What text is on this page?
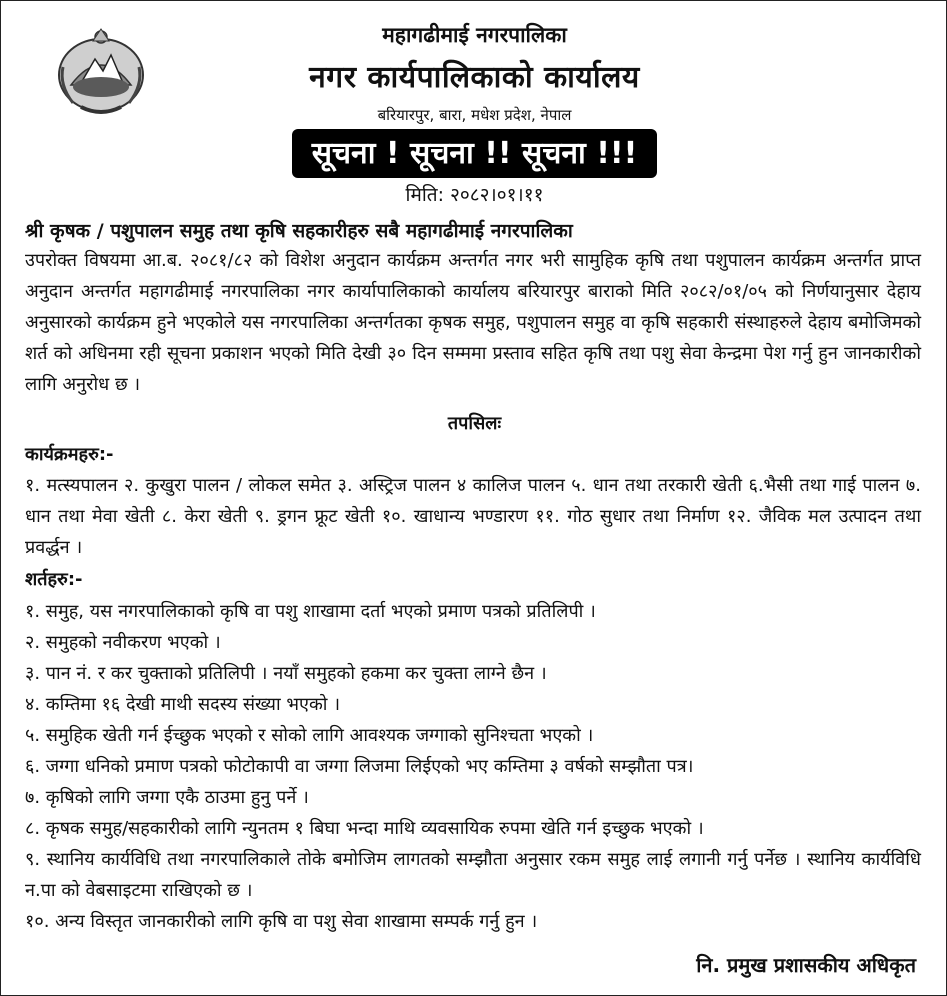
महागढीमाई नगरपालिका
नगर कार्यपालिकाको कार्यालय
बरियारपुर, बारा, मधेश प्रदेश, नेपाल
सूचना ! सूचना !! सूचना !!!
मिति: २०८२।०१।११
श्री कृषक / पशुपालन समुह तथा कृषि सहकारीहरु सबै महागढीमाई नगरपालिका

उपरोक्त विषयमा आ.ब. २०८१/८२ को विशेश अनुदान कार्यक्रम अन्तर्गत नगर भरी सामुहिक कृषि तथा पशुपालन कार्यक्रम अन्तर्गत प्राप्त अनुदान अन्तर्गत महागढीमाई नगरपालिका नगर कार्यापालिकाको कार्यालय बरियारपुर बाराको मिति २०८२/०१/०५ को निर्णयानुसार देहाय अनुसारको कार्यक्रम हुने भएकोले यस नगरपालिका अन्तर्गतका कृषक समुह, पशुपालन समुह वा कृषि सहकारी संस्थाहरुले देहाय बमोजिमको शर्त को अधिनमा रही सूचना प्रकाशन भएको मिति देखी ३० दिन सम्ममा प्रस्ताव सहित कृषि तथा पशु सेवा केन्द्रमा पेश गर्नु हुन जानकारीको लागि अनुरोध छ ।

तपसिलः
कार्यक्रमहरु:-

१. मत्स्यपालन २. कुखुरा पालन / लोकल समेत ३. अस्ट्रिज पालन ४ कालिज पालन ५. धान तथा तरकारी खेती ६.भैसी तथा गाई पालन ७. धान तथा मेवा खेती ८. केरा खेती ९. ड्रगन फ्रूट खेती १०. खाधान्य भण्डारण ११. गोठ सुधार तथा निर्माण १२. जैविक मल उत्पादन तथा प्रवर्द्धन ।

शर्तहरु:-
१. समुह, यस नगरपालिकाको कृषि वा पशु शाखामा दर्ता भएको प्रमाण पत्रको प्रतिलिपी ।
२. समुहको नवीकरण भएको ।
३. पान नं. र कर चुक्ताको प्रतिलिपी । नयाँ समुहको हकमा कर चुक्ता लाग्ने छैन ।
४. कम्तिमा १६ देखी माथी सदस्य संख्या भएको ।
५. समुहिक खेती गर्न ईच्छुक भएको र सोको लागि आवश्यक जग्गाको सुनिश्चता भएको ।
६. जग्गा धनिको प्रमाण पत्रको फोटोकापी वा जग्गा लिजमा लिईएको भए कम्तिमा ३ वर्षको सम्झौता पत्र।
७. कृषिको लागि जग्गा एकै ठाउमा हुनु पर्ने ।
८. कृषक समुह/सहकारीको लागि न्युनतम १ बिघा भन्दा माथि व्यवसायिक रुपमा खेति गर्न इच्छुक भएको ।
९. स्थानिय कार्यविधि तथा नगरपालिकाले तोके बमोजिम लागतको सम्झौता अनुसार रकम समुह लाई लगानी गर्नु पर्नेछ । स्थानिय कार्यविधि न.पा को वेबसाइटमा राखिएको छ ।
१०. अन्य विस्तृत जानकारीको लागि कृषि वा पशु सेवा शाखामा सम्पर्क गर्नु हुन ।
नि. प्रमुख प्रशासकीय अधिकृत
